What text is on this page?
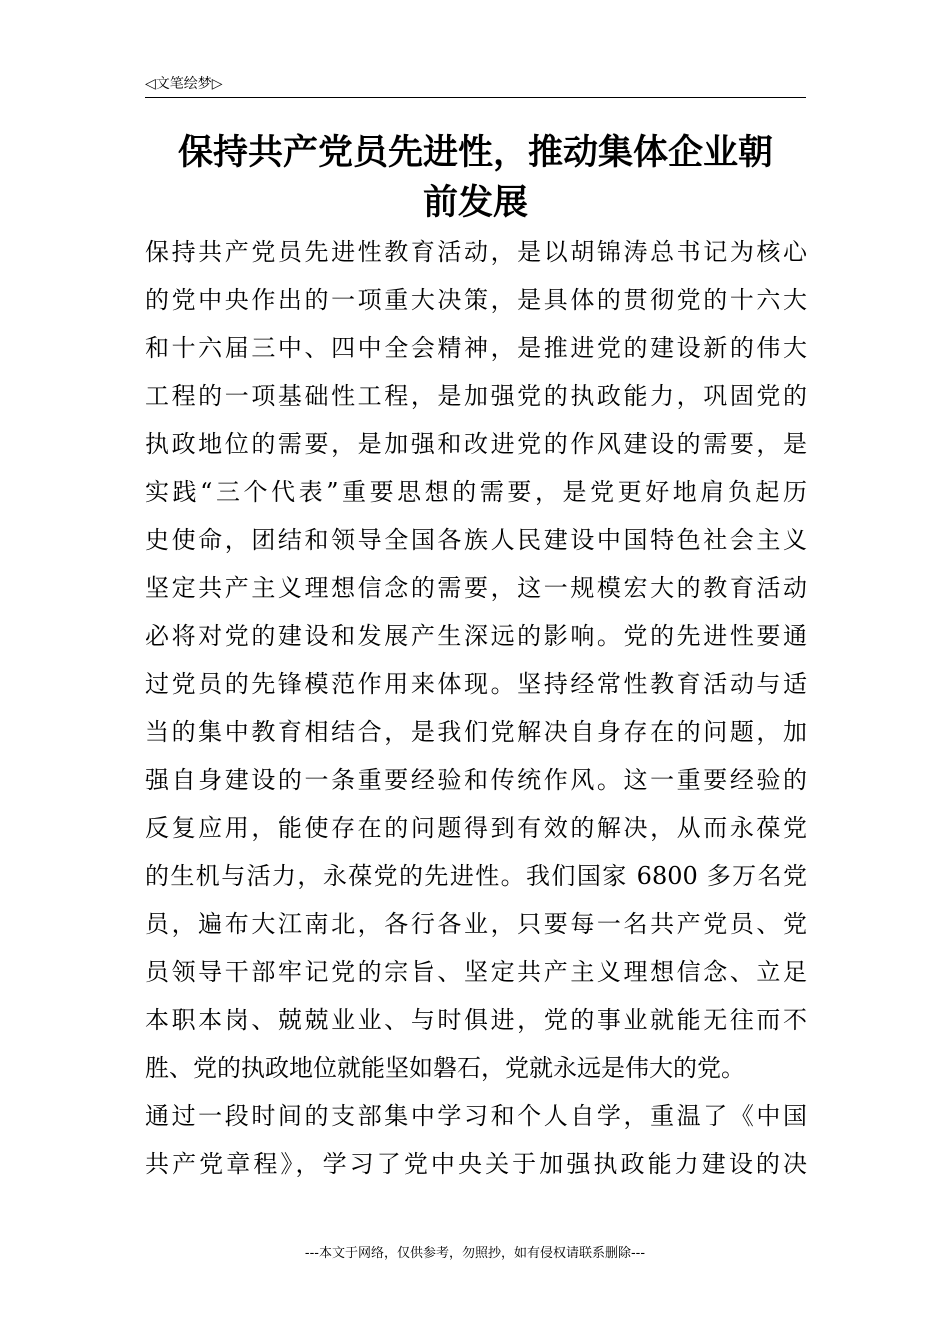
◁文笔绘梦▷
保持共产党员先进性，推动集体企业朝
前发展
保持共产党员先进性教育活动，是以胡锦涛总书记为核心
的党中央作出的一项重大决策，是具体的贯彻党的十六大
和十六届三中、四中全会精神，是推进党的建设新的伟大
工程的一项基础性工程，是加强党的执政能力，巩固党的
执政地位的需要，是加强和改进党的作风建设的需要，是
实践“三个代表”重要思想的需要，是党更好地肩负起历
史使命，团结和领导全国各族人民建设中国特色社会主义
坚定共产主义理想信念的需要，这一规模宏大的教育活动
必将对党的建设和发展产生深远的影响。党的先进性要通
过党员的先锋模范作用来体现。坚持经常性教育活动与适
当的集中教育相结合，是我们党解决自身存在的问题，加
强自身建设的一条重要经验和传统作风。这一重要经验的
反复应用，能使存在的问题得到有效的解决，从而永葆党
的生机与活力，永葆党的先进性。我们国家 6800 多万名党
员，遍布大江南北，各行各业，只要每一名共产党员、党
员领导干部牢记党的宗旨、坚定共产主义理想信念、立足
本职本岗、兢兢业业、与时俱进，党的事业就能无往而不
胜、党的执政地位就能坚如磐石，党就永远是伟大的党。
通过一段时间的支部集中学习和个人自学，重温了《中国
共产党章程》，学习了党中央关于加强执政能力建设的决
---本文于网络，仅供参考，勿照抄，如有侵权请联系删除---
